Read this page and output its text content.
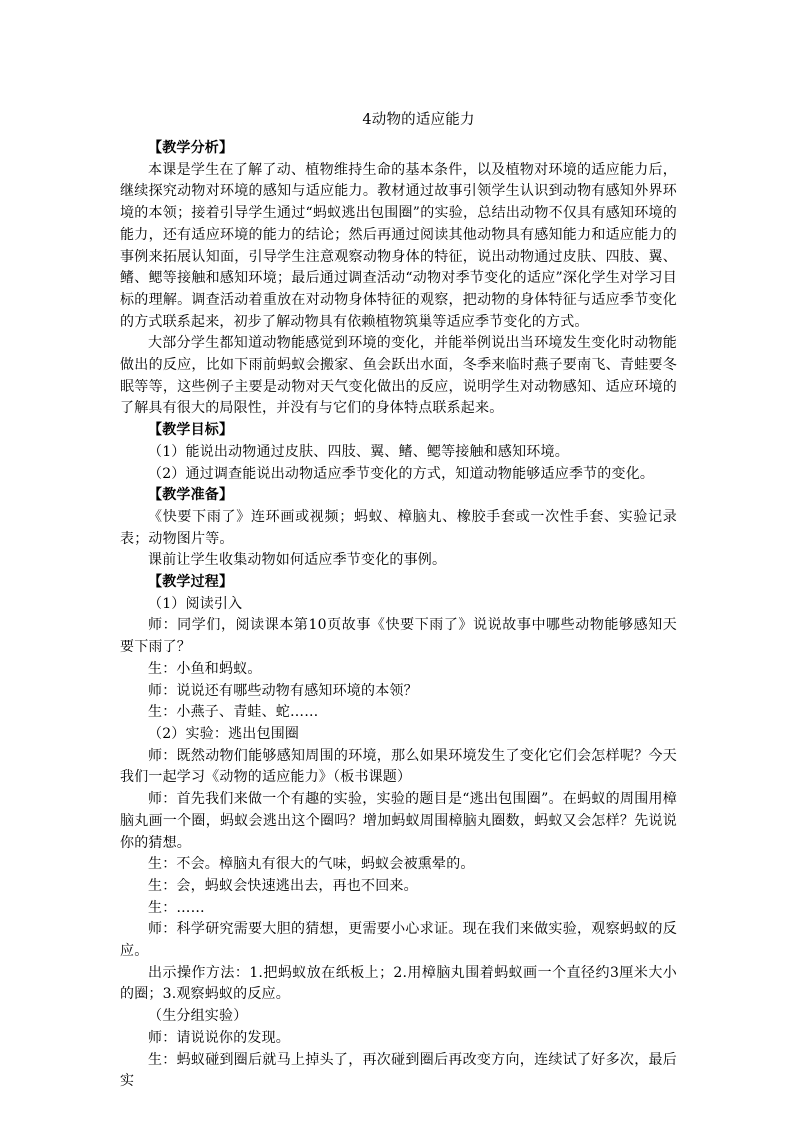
4动物的适应能力

【教学分析】

本课是学生在了解了动、植物维持生命的基本条件，以及植物对环境的适应能力后，继续探究动物对环境的感知与适应能力。教材通过故事引领学生认识到动物有感知外界环境的本领；接着引导学生通过“蚂蚁逃出包围圈”的实验，总结出动物不仅具有感知环境的能力，还有适应环境的能力的结论；然后再通过阅读其他动物具有感知能力和适应能力的事例来拓展认知面，引导学生注意观察动物身体的特征，说出动物通过皮肤、四肢、翼、鳍、鳃等接触和感知环境；最后通过调查活动“动物对季节变化的适应”深化学生对学习目标的理解。调查活动着重放在对动物身体特征的观察，把动物的身体特征与适应季节变化的方式联系起来，初步了解动物具有依赖植物筑巢等适应季节变化的方式。

大部分学生都知道动物能感觉到环境的变化，并能举例说出当环境发生变化时动物能做出的反应，比如下雨前蚂蚁会搬家、鱼会跃出水面，冬季来临时燕子要南飞、青蛙要冬眠等等，这些例子主要是动物对天气变化做出的反应，说明学生对动物感知、适应环境的了解具有很大的局限性，并没有与它们的身体特点联系起来。

【教学目标】

（1）能说出动物通过皮肤、四肢、翼、鳍、鳃等接触和感知环境。

（2）通过调查能说出动物适应季节变化的方式，知道动物能够适应季节的变化。

【教学准备】

《快要下雨了》连环画或视频；蚂蚁、樟脑丸、橡胶手套或一次性手套、实验记录表；动物图片等。

课前让学生收集动物如何适应季节变化的事例。

【教学过程】

（1）阅读引入

师：同学们，阅读课本第10页故事《快要下雨了》说说故事中哪些动物能够感知天要下雨了？

生：小鱼和蚂蚁。

师：说说还有哪些动物有感知环境的本领？

生：小燕子、青蛙、蛇……

（2）实验：逃出包围圈

师：既然动物们能够感知周围的环境，那么如果环境发生了变化它们会怎样呢？今天我们一起学习《动物的适应能力》（板书课题）

师：首先我们来做一个有趣的实验，实验的题目是“逃出包围圈”。在蚂蚁的周围用樟脑丸画一个圈，蚂蚁会逃出这个圈吗？增加蚂蚁周围樟脑丸圈数，蚂蚁又会怎样？先说说你的猜想。

生：不会。樟脑丸有很大的气味，蚂蚁会被熏晕的。

生：会，蚂蚁会快速逃出去，再也不回来。

生：……

师：科学研究需要大胆的猜想，更需要小心求证。现在我们来做实验，观察蚂蚁的反应。

出示操作方法：1.把蚂蚁放在纸板上；2.用樟脑丸围着蚂蚁画一个直径约3厘米大小的圈；3.观察蚂蚁的反应。

（生分组实验）

师：请说说你的发现。

生：蚂蚁碰到圈后就马上掉头了，再次碰到圈后再改变方向，连续试了好多次，最后实
